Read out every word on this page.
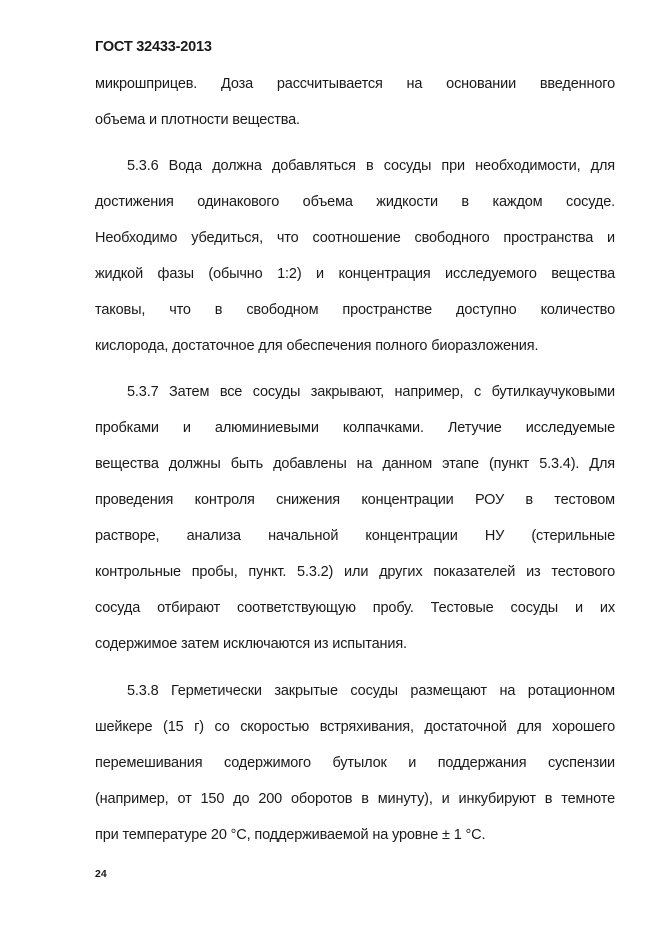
ГОСТ 32433-2013
микрошприцев. Доза рассчитывается на основании введенного
объема и плотности вещества.
5.3.6 Вода должна добавляться в сосуды при необходимости, для
достижения одинакового объема жидкости в каждом сосуде.
Необходимо убедиться, что соотношение свободного пространства и
жидкой фазы (обычно 1:2) и концентрация исследуемого вещества
таковы, что в свободном пространстве доступно количество
кислорода, достаточное для обеспечения полного биоразложения.
5.3.7 Затем все сосуды закрывают, например, с бутилкаучуковыми
пробками и алюминиевыми колпачками. Летучие исследуемые
вещества должны быть добавлены на данном этапе (пункт 5.3.4). Для
проведения контроля снижения концентрации РОУ в тестовом
растворе, анализа начальной концентрации НУ (стерильные
контрольные пробы, пункт. 5.3.2) или других показателей из тестового
сосуда отбирают соответствующую пробу. Тестовые сосуды и их
содержимое затем исключаются из испытания.
5.3.8 Герметически закрытые сосуды размещают на ротационном
шейкере (15 г) со скоростью встряхивания, достаточной для хорошего
перемешивания содержимого бутылок и поддержания суспензии
(например, от 150 до 200 оборотов в минуту), и инкубируют в темноте
при температуре 20 °С, поддерживаемой на уровне ± 1 °С.
24
